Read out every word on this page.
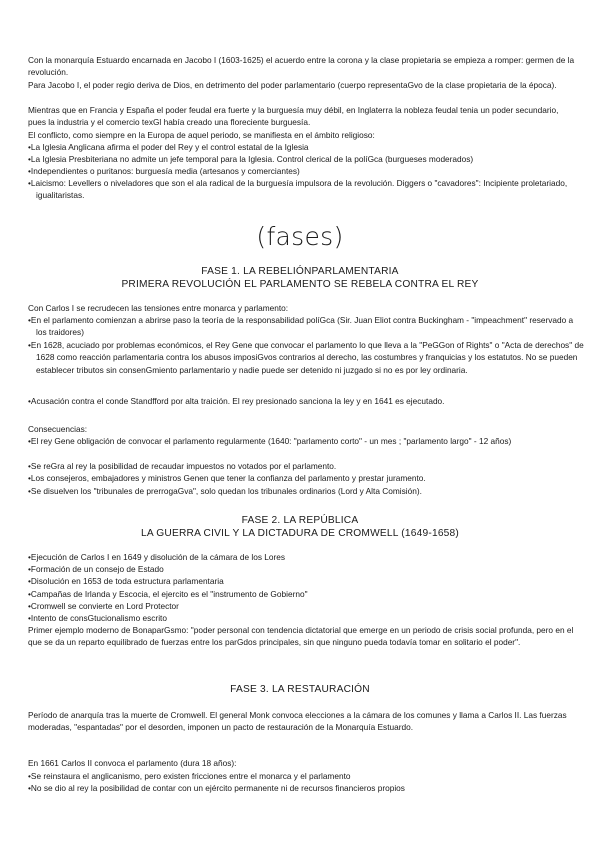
Con la monarquía Estuardo encarnada en Jacobo I (1603-1625) el acuerdo entre la corona y la clase propietaria se empieza a romper: germen de la revolución.

Para Jacobo I, el poder regio deriva de Dios, en detrimento del poder parlamentario (cuerpo representaGvo de la clase propietaria de la época).

Mientras que en Francia y España el poder feudal era fuerte y la burguesía muy débil, en Inglaterra la nobleza feudal tenia un poder secundario, pues la industria y el comercio texGl había creado una floreciente burguesía.

El conflicto, como siempre en la Europa de aquel periodo, se manifiesta en el ámbito religioso:

•La Iglesia Anglicana afirma el poder del Rey y el control estatal de la Iglesia

•La Iglesia Presbiteriana no admite un jefe temporal para la Iglesia. Control clerical de la políGca (burgueses moderados)

•Independientes o puritanos: burguesía media (artesanos y comerciantes)

•Laicismo: Levellers o niveladores que son el ala radical de la burguesía impulsora de la revolución. Diggers o "cavadores": Incipiente proletariado, igualitaristas.

(fases)
FASE 1. LA REBELIÓNPARLAMENTARIA
PRIMERA REVOLUCIÓN EL PARLAMENTO SE REBELA CONTRA EL REY

Con Carlos I se recrudecen las tensiones entre monarca y parlamento:

•En el parlamento comienzan a abrirse paso la teoría de la responsabilidad políGca (Sir. Juan Eliot contra Buckingham - "impeachment" reservado a los traidores)

•En 1628, acuciado por problemas económicos, el Rey Gene que convocar el parlamento lo que lleva a la "PeGGon of Rights" o "Acta de derechos" de 1628 como reacción parlamentaria contra los abusos imposiGvos contrarios al derecho, las costumbres y franquicias y los estatutos. No se pueden establecer tributos sin consenGmiento parlamentario y nadie puede ser detenido ni juzgado si no es por ley ordinaria.

•Acusación contra el conde Standfford por alta traición. El rey presionado sanciona la ley y en 1641 es ejecutado.

Consecuencias:

•El rey Gene obligación de convocar el parlamento regularmente (1640: "parlamento corto" - un mes ; "parlamento largo" - 12 años)

•Se reGra al rey la posibilidad de recaudar impuestos no votados por el parlamento.

•Los consejeros, embajadores y ministros Genen que tener la confianza del parlamento y prestar juramento.

•Se disuelven los "tribunales de prerrogaGva", solo quedan los tribunales ordinarios (Lord y Alta Comisión).

FASE 2. LA REPÚBLICA
LA GUERRA CIVIL Y LA DICTADURA DE CROMWELL (1649-1658)

•Ejecución de Carlos I en 1649 y disolución de la cámara de los Lores

•Formación de un consejo de Estado

•Disolución en 1653 de toda estructura parlamentaria

•Campañas de Irlanda y Escocia, el ejercito es el "instrumento de Gobierno"

•Cromwell se convierte en Lord Protector

•Intento de consGtucionalismo escrito

Primer ejemplo moderno de BonaparGsmo: "poder personal con tendencia dictatorial que emerge en un periodo de crisis social profunda, pero en el que se da un reparto equilibrado de fuerzas entre los parGdos principales, sin que ninguno pueda todavía tomar en solitario el poder".

FASE 3. LA RESTAURACIÓN

Período de anarquía tras la muerte de Cromwell. El general Monk convoca elecciones a la cámara de los comunes y llama a Carlos II. Las fuerzas moderadas, "espantadas" por el desorden, imponen un pacto de restauración de la Monarquía Estuardo.

En 1661 Carlos II convoca el parlamento (dura 18 años):

•Se reinstaura el anglicanismo, pero existen fricciones entre el monarca y el parlamento

•No se dio al rey la posibilidad de contar con un ejército permanente ni de recursos financieros propios
